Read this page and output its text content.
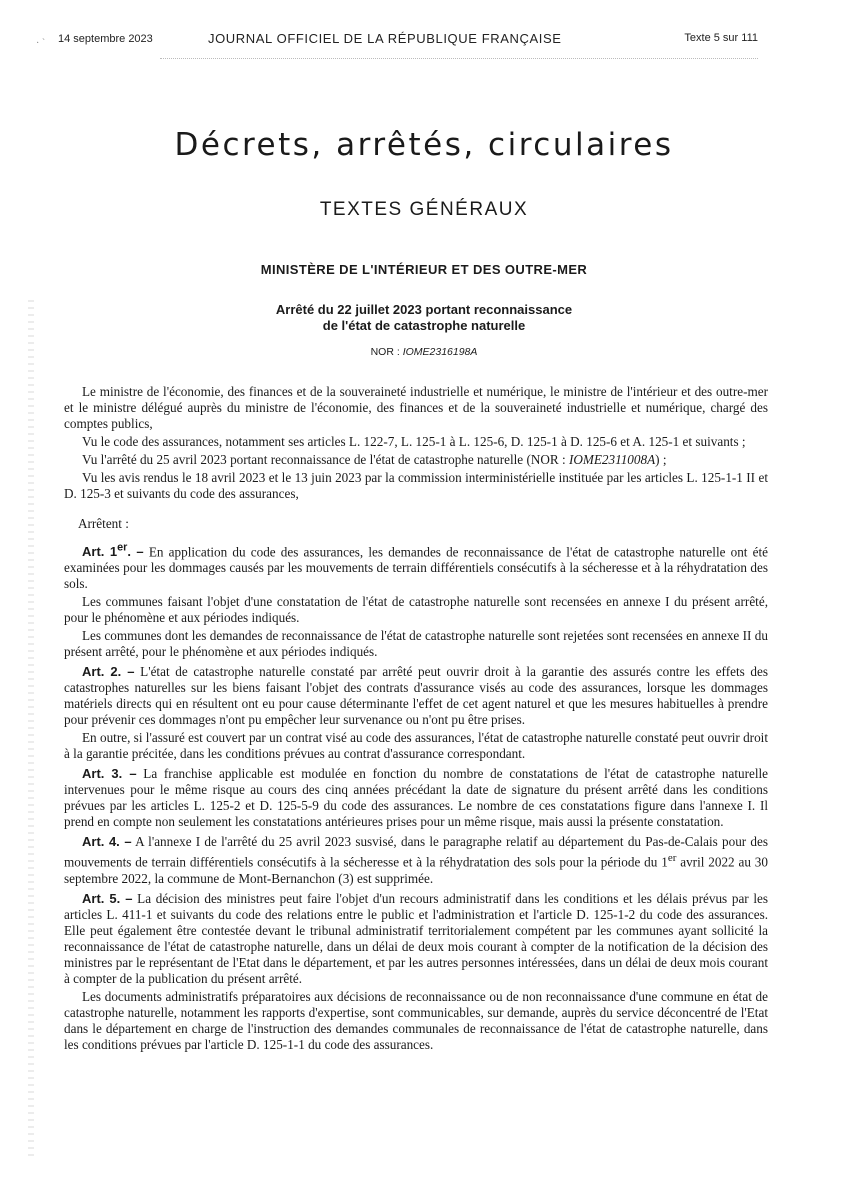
· ` 14 septembre 2023	JOURNAL OFFICIEL DE LA RÉPUBLIQUE FRANÇAISE	Texte 5 sur 111
Décrets, arrêtés, circulaires
TEXTES GÉNÉRAUX
MINISTÈRE DE L'INTÉRIEUR ET DES OUTRE-MER
Arrêté du 22 juillet 2023 portant reconnaissance
de l'état de catastrophe naturelle
NOR : IOME2316198A

Le ministre de l'économie, des finances et de la souveraineté industrielle et numérique, le ministre de l'intérieur et des outre-mer et le ministre délégué auprès du ministre de l'économie, des finances et de la souveraineté industrielle et numérique, chargé des comptes publics,

Vu le code des assurances, notamment ses articles L. 122-7, L. 125-1 à L. 125-6, D. 125-1 à D. 125-6 et A. 125-1 et suivants ;

Vu l'arrêté du 25 avril 2023 portant reconnaissance de l'état de catastrophe naturelle (NOR : IOME2311008A) ;

Vu les avis rendus le 18 avril 2023 et le 13 juin 2023 par la commission interministérielle instituée par les articles L. 125-1-1 II et D. 125-3 et suivants du code des assurances,

Arrêtent :

Art. 1er. – En application du code des assurances, les demandes de reconnaissance de l'état de catastrophe naturelle ont été examinées pour les dommages causés par les mouvements de terrain différentiels consécutifs à la sécheresse et à la réhydratation des sols.

Les communes faisant l'objet d'une constatation de l'état de catastrophe naturelle sont recensées en annexe I du présent arrêté, pour le phénomène et aux périodes indiqués.

Les communes dont les demandes de reconnaissance de l'état de catastrophe naturelle sont rejetées sont recensées en annexe II du présent arrêté, pour le phénomène et aux périodes indiqués.

Art. 2. – L'état de catastrophe naturelle constaté par arrêté peut ouvrir droit à la garantie des assurés contre les effets des catastrophes naturelles sur les biens faisant l'objet des contrats d'assurance visés au code des assurances, lorsque les dommages matériels directs qui en résultent ont eu pour cause déterminante l'effet de cet agent naturel et que les mesures habituelles à prendre pour prévenir ces dommages n'ont pu empêcher leur survenance ou n'ont pu être prises.

En outre, si l'assuré est couvert par un contrat visé au code des assurances, l'état de catastrophe naturelle constaté peut ouvrir droit à la garantie précitée, dans les conditions prévues au contrat d'assurance correspondant.

Art. 3. – La franchise applicable est modulée en fonction du nombre de constatations de l'état de catastrophe naturelle intervenues pour le même risque au cours des cinq années précédant la date de signature du présent arrêté dans les conditions prévues par les articles L. 125-2 et D. 125-5-9 du code des assurances. Le nombre de ces constatations figure dans l'annexe I. Il prend en compte non seulement les constatations antérieures prises pour un même risque, mais aussi la présente constatation.

Art. 4. – A l'annexe I de l'arrêté du 25 avril 2023 susvisé, dans le paragraphe relatif au département du Pas-de-Calais pour des mouvements de terrain différentiels consécutifs à la sécheresse et à la réhydratation des sols pour la période du 1er avril 2022 au 30 septembre 2022, la commune de Mont-Bernanchon (3) est supprimée.

Art. 5. – La décision des ministres peut faire l'objet d'un recours administratif dans les conditions et les délais prévus par les articles L. 411-1 et suivants du code des relations entre le public et l'administration et l'article D. 125-1-2 du code des assurances. Elle peut également être contestée devant le tribunal administratif territorialement compétent par les communes ayant sollicité la reconnaissance de l'état de catastrophe naturelle, dans un délai de deux mois courant à compter de la notification de la décision des ministres par le représentant de l'Etat dans le département, et par les autres personnes intéressées, dans un délai de deux mois courant à compter de la publication du présent arrêté.

Les documents administratifs préparatoires aux décisions de reconnaissance ou de non reconnaissance d'une commune en état de catastrophe naturelle, notamment les rapports d'expertise, sont communicables, sur demande, auprès du service déconcentré de l'Etat dans le département en charge de l'instruction des demandes communales de reconnaissance de l'état de catastrophe naturelle, dans les conditions prévues par l'article D. 125-1-1 du code des assurances.
